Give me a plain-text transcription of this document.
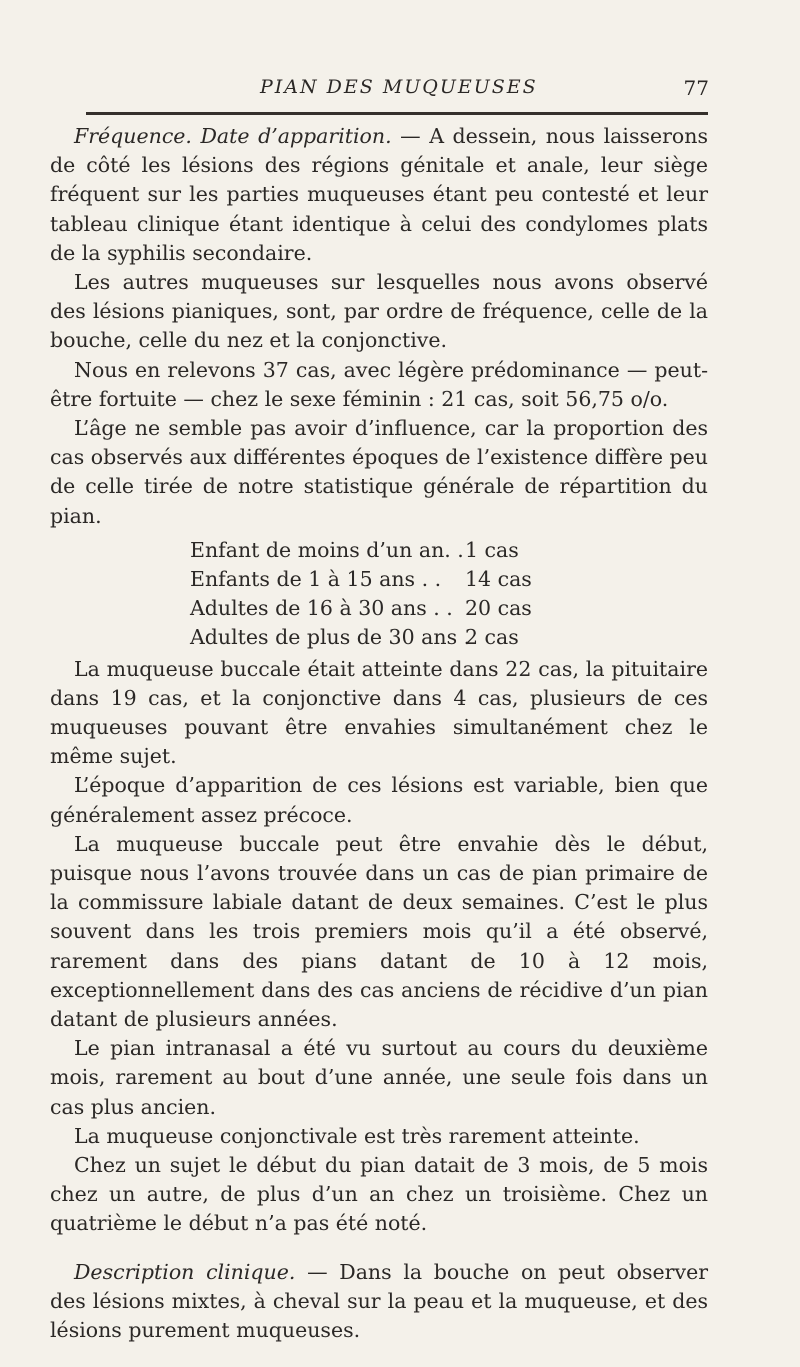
PIAN DES MUQUEUSES	77

Fréquence. Date d’apparition. — A dessein, nous laisserons de côté les lésions des régions génitale et anale, leur siège fréquent sur les parties muqueuses étant peu contesté et leur tableau clinique étant identique à celui des condylomes plats de la syphilis secondaire.

Les autres muqueuses sur lesquelles nous avons observé des lésions pianiques, sont, par ordre de fréquence, celle de la bouche, celle du nez et la conjonctive.

Nous en relevons 37 cas, avec légère prédominance — peut-être fortuite — chez le sexe féminin : 21 cas, soit 56,75 o/o.

L’âge ne semble pas avoir d’influence, car la proportion des cas observés aux différentes époques de l’existence diffère peu de celle tirée de notre statistique générale de répartition du pian.

Enfant de moins d’un an. . 1 cas
Enfants de 1 à 15 ans . .	14 cas
Adultes de 16 à 30 ans . . 20 cas
Adultes de plus de 30 ans .
2 cas

La muqueuse buccale était atteinte dans 22 cas, la pituitaire dans 19 cas, et la conjonctive dans 4 cas, plusieurs de ces muqueuses pouvant être envahies simultanément chez le même sujet.

L’époque d’apparition de ces lésions est variable, bien que généralement assez précoce.

La muqueuse buccale peut être envahie dès le début, puisque nous l’avons trouvée dans un cas de pian primaire de la commissure labiale datant de deux semaines. C’est le plus souvent dans les trois premiers mois qu’il a été observé, rarement dans des pians datant de 10 à 12 mois, exceptionnellement dans des cas anciens de récidive d’un pian datant de plusieurs années.

Le pian intranasal a été vu surtout au cours du deuxième mois, rarement au bout d’une année, une seule fois dans un cas plus ancien.

La muqueuse conjonctivale est très rarement atteinte.

Chez un sujet le début du pian datait de 3 mois, de 5 mois chez un autre, de plus d’un an chez un troisième. Chez un quatrième le début n’a pas été noté.

Description clinique. — Dans la bouche on peut observer des lésions mixtes, à cheval sur la peau et la muqueuse, et des lésions purement muqueuses.
